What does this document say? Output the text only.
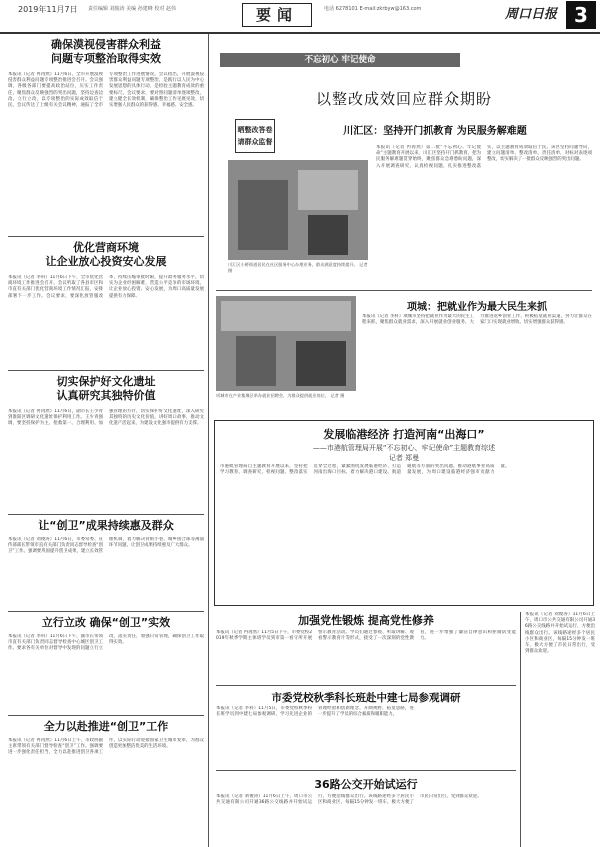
2019年11月7日 责任编辑 刘俊涛 美编 孙建峰 校对 赵伟	要闻	电话 6278101 E-mail:zkrbyw@163.com	周口日报 3
确保漠视侵害群众利益
问题专项整治取得实效
本报讯（记者 冉再然）11月6日，全市开展漠视侵害群众利益问题专项整治推进会召开。会议强调，各级各部门要提高政治站位，压实工作责任，聚焦群众反映强烈的突出问题，坚持边查边改、立行立改，以专项整治的实际成效取信于民。会议传达了上级有关会议精神，通报了全市专项整治工作进展情况。会议指出，开展漠视侵害群众利益问题专项整治，是践行以人民为中心发展思想的具体行动，是检验主题教育成效的重要标尺。会议要求，要对照问题清单逐项整改，建立健全长效机制，确保整治工作见底见效，切实增强人民群众的获得感、幸福感、安全感。
优化营商环境
让企业放心投资安心发展
本报讯（记者 李科）11月6日下午，全市优化营商环境工作推进会召开。会议听取了各县市区和市直有关部门优化营商环境工作情况汇报，安排部署下一步工作。会议要求，要深化放管服改革，持续压缩审批时限，提升政务服务水平，切实为企业纾困解难，营造公平竞争的市场环境，让企业放心投资、安心发展，为周口高质量发展提供有力保障。
切实保护好文化遗址
认真研究其独特价值
本报讯（记者 冉再然）11月6日，副市长王少青到淮阳区调研文化遗址保护利用工作。王少青强调，要坚持保护为主、抢救第一、合理利用、加强管理的方针，切实保护好文化遗址，深入研究其独特的历史文化价值，讲好周口故事，推动文化遗产活起来，为建设文化强市提供有力支撑。
让“创卫”成果持续惠及群众
本报讯（记者 刘俊涛）11月6日，市委常委、宣传部部长带领市直有关部门负责同志督导检查“创卫”工作。强调要巩固提升创卫成果，建立长效管理机制，着力解决背街小巷、城乡接合部等薄弱环节问题，让创卫成果持续惠及广大群众。
立行立改 确保“创卫”实效
本报讯（记者 李科）11月6日下午，副市长带领市直有关部门负责同志督导检查中心城区创卫工作。要求各有关单位对督导中发现的问题立行立改，落实责任，加强日常管理，确保创卫工作取得实效。
全力以赴推进“创卫”工作
本报讯（记者 冉再然）11月6日上午，市政协副主席带领有关部门督导检查“创卫”工作。强调要进一步强化责任担当，全力以赴推进创卫各项工作，以实际行动迎接国家卫生城市复审，为群众创造更加整洁优美的生活环境。
不忘初心 牢记使命
以整改成效回应群众期盼
晒整改答卷
请群众监督
川汇区：坚持开门抓教育 为民服务解难题
川汇区小桥街道居民在社区服务中心办理业务，群众满意度持续提升。 记者 摄
本报讯（记者 冉再然）第二批“不忘初心、牢记使命”主题教育开展以来，川汇区坚持开门抓教育，把为民服务解难题贯穿始终，聚焦群众急难愁盼问题，深入开展调查研究，认真检视问题，扎实推进整改落实，以主题教育成效取信于民。该区坚持问题导向，建立问题清单、整改清单、责任清单，对标对表逐项整改，切实解决了一批群众反映强烈的突出问题。
项城市在产业集聚区举办就业招聘会，为群众提供就业岗位。 记者 摄
项城：把就业作为最大民生来抓
本报讯（记者 李科）项城市坚持把就业作为最大的民生工程来抓，聚焦群众就业需求，深入开展就业创业服务，大力推进返乡创业工作，积极拓宽就业渠道，努力让群众在家门口实现就业增收，切实增强群众获得感。
发展临港经济 打造河南“出海口”
——市港航管理局开展“不忘初心、牢记使命”主题教育综述
记者 郑曼
市港航管理局自主题教育开展以来，坚持把学习教育、调查研究、检视问题、整改落实贯穿全过程，紧紧围绕发展临港经济、打造河南出海口目标，着力解决港口建设、航道通航等方面的突出问题，推动港航事业高质量发展，为周口建设临港经济强市贡献力量。
加强党性锻炼 提高党性修养
本报讯（记者 冉再然）11月5日下午，市委党校2019年秋季学期主体班学员到市第一看守所开展警示教育活动。学员们通过参观、听取讲解、观看警示教育片等形式，接受了一次深刻的党性教育，进一步增强了廉洁自律意识和拒腐防变能力。
本报讯（记者 刘俊涛）11月6日上午，周口市公共交通有限公司开通36路公交线路并开始试运行，方便沿线群众出行。该线路途经多个居民小区和商业区，每隔15分钟发一班车，极大方便了市民日常出行，受到群众欢迎。
市委党校秋季科长班赴中建七局参观调研
本报讯（记者 李科）11月5日，市委党校秋季科长班学员到中建七局参观调研，学习先进企业的管理经验和创新理念，开阔视野，拓宽思路，进一步提升了学员的综合素质和履职能力。
36路公交开始试运行
本报讯（记者 刘俊涛）11月6日上午，周口市公共交通有限公司开通36路公交线路并开始试运行，方便沿线群众出行。该线路途经多个居民小区和商业区，每隔15分钟发一班车，极大方便了市民日常出行，受到群众欢迎。
